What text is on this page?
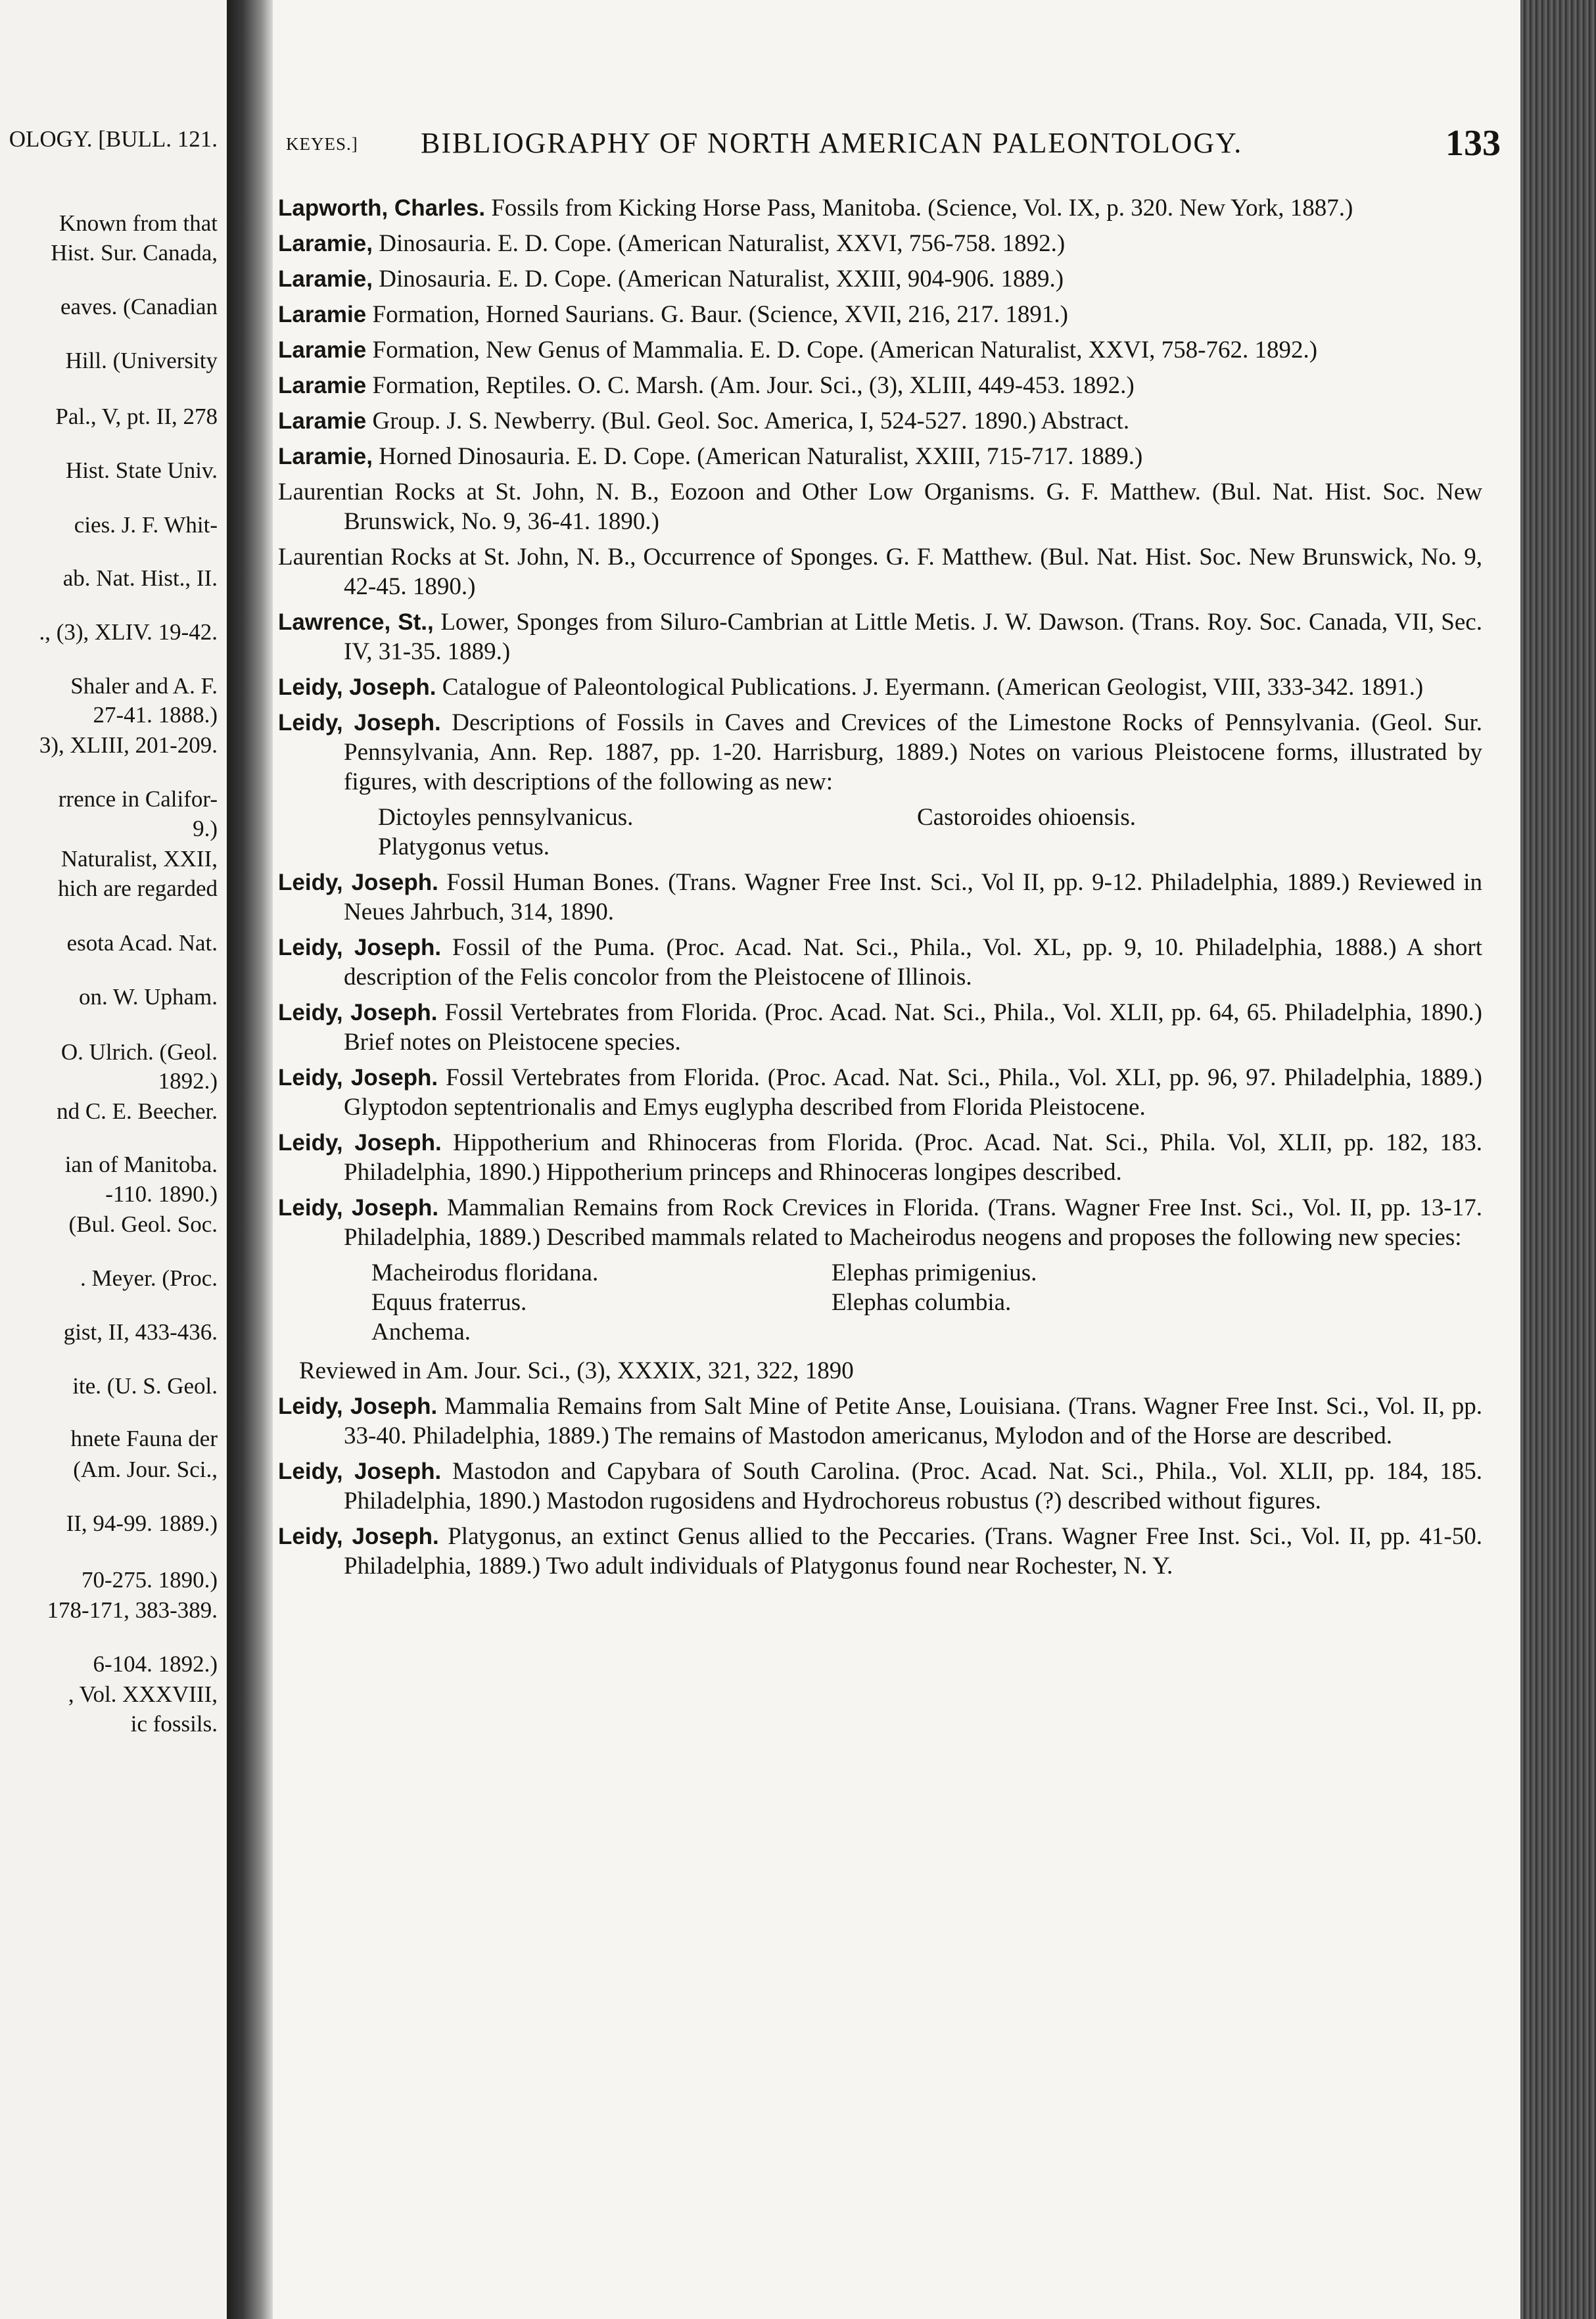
OLOGY. [BULL. 121.
Known from that
Hist. Sur. Canada,
eaves. (Canadian
Hill. (University
Pal., V, pt. II, 278
Hist. State Univ.
cies. J. F. Whit-
ab. Nat. Hist., II.
., (3), XLIV. 19-42.
Shaler and A. F.
27-41. 1888.)
3), XLIII, 201-209.
rrence in Califor-
9.)
Naturalist, XXII,
hich are regarded
esota Acad. Nat.
on. W. Upham.
O. Ulrich. (Geol.
1892.)
nd C. E. Beecher.
ian of Manitoba.
-110. 1890.)
(Bul. Geol. Soc.
. Meyer. (Proc.
gist, II, 433-436.
ite. (U. S. Geol.
hnete Fauna der
(Am. Jour. Sci.,
II, 94-99. 1889.)
70-275. 1890.)
178-171, 383-389.
6-104. 1892.)
, Vol. XXXVIII,
ic fossils.
KEYES.] BIBLIOGRAPHY OF NORTH AMERICAN PALEONTOLOGY.	133
Lapworth, Charles. Fossils from Kicking Horse Pass, Manitoba. (Science, Vol. IX, p. 320. New York, 1887.)
Laramie, Dinosauria. E. D. Cope. (American Naturalist, XXVI, 756-758. 1892.)
Laramie, Dinosauria. E. D. Cope. (American Naturalist, XXIII, 904-906. 1889.)
Laramie Formation, Horned Saurians. G. Baur. (Science, XVII, 216, 217. 1891.)
Laramie Formation, New Genus of Mammalia. E. D. Cope. (American Naturalist, XXVI, 758-762. 1892.)
Laramie Formation, Reptiles. O. C. Marsh. (Am. Jour. Sci., (3), XLIII, 449-453. 1892.)
Laramie Group. J. S. Newberry. (Bul. Geol. Soc. America, I, 524-527. 1890.) Abstract.
Laramie, Horned Dinosauria. E. D. Cope. (American Naturalist, XXIII, 715-717. 1889.)
Laurentian Rocks at St. John, N. B., Eozoon and Other Low Organisms. G. F. Matthew. (Bul. Nat. Hist. Soc. New Brunswick, No. 9, 36-41. 1890.)
Laurentian Rocks at St. John, N. B., Occurrence of Sponges. G. F. Matthew. (Bul. Nat. Hist. Soc. New Brunswick, No. 9, 42-45. 1890.)
Lawrence, St., Lower, Sponges from Siluro-Cambrian at Little Metis. J. W. Dawson. (Trans. Roy. Soc. Canada, VII, Sec. IV, 31-35. 1889.)
Leidy, Joseph. Catalogue of Paleontological Publications. J. Eyermann. (American Geologist, VIII, 333-342. 1891.)
Leidy, Joseph. Descriptions of Fossils in Caves and Crevices of the Limestone Rocks of Pennsylvania. (Geol. Sur. Pennsylvania, Ann. Rep. 1887, pp. 1-20. Harrisburg, 1889.) Notes on various Pleistocene forms, illustrated by figures, with descriptions of the following as new:
Dictoyles pennsylvanicus.	Castoroides ohioensis.
Platygonus vetus.
Leidy, Joseph. Fossil Human Bones. (Trans. Wagner Free Inst. Sci., Vol II, pp. 9-12. Philadelphia, 1889.) Reviewed in Neues Jahrbuch, 314, 1890.
Leidy, Joseph. Fossil of the Puma. (Proc. Acad. Nat. Sci., Phila., Vol. XL, pp. 9, 10. Philadelphia, 1888.) A short description of the Felis concolor from the Pleistocene of Illinois.
Leidy, Joseph. Fossil Vertebrates from Florida. (Proc. Acad. Nat. Sci., Phila., Vol. XLII, pp. 64, 65. Philadelphia, 1890.) Brief notes on Pleistocene species.
Leidy, Joseph. Fossil Vertebrates from Florida. (Proc. Acad. Nat. Sci., Phila., Vol. XLI, pp. 96, 97. Philadelphia, 1889.) Glyptodon septentrionalis and Emys euglypha described from Florida Pleistocene.
Leidy, Joseph. Hippotherium and Rhinoceras from Florida. (Proc. Acad. Nat. Sci., Phila. Vol, XLII, pp. 182, 183. Philadelphia, 1890.) Hippotherium princeps and Rhinoceras longipes described.
Leidy, Joseph. Mammalian Remains from Rock Crevices in Florida. (Trans. Wagner Free Inst. Sci., Vol. II, pp. 13-17. Philadelphia, 1889.) Described mammals related to Macheirodus neogens and proposes the following new species:
Macheirodus floridana.	Elephas primigenius.
Equus fraterrus.	Elephas columbia.
Anchema.
Reviewed in Am. Jour. Sci., (3), XXXIX, 321, 322, 1890
Leidy, Joseph. Mammalia Remains from Salt Mine of Petite Anse, Louisiana. (Trans. Wagner Free Inst. Sci., Vol. II, pp. 33-40. Philadelphia, 1889.) The remains of Mastodon americanus, Mylodon and of the Horse are described.
Leidy, Joseph. Mastodon and Capybara of South Carolina. (Proc. Acad. Nat. Sci., Phila., Vol. XLII, pp. 184, 185. Philadelphia, 1890.) Mastodon rugosidens and Hydrochoreus robustus (?) described without figures.
Leidy, Joseph. Platygonus, an extinct Genus allied to the Peccaries. (Trans. Wagner Free Inst. Sci., Vol. II, pp. 41-50. Philadelphia, 1889.) Two adult individuals of Platygonus found near Rochester, N. Y.
